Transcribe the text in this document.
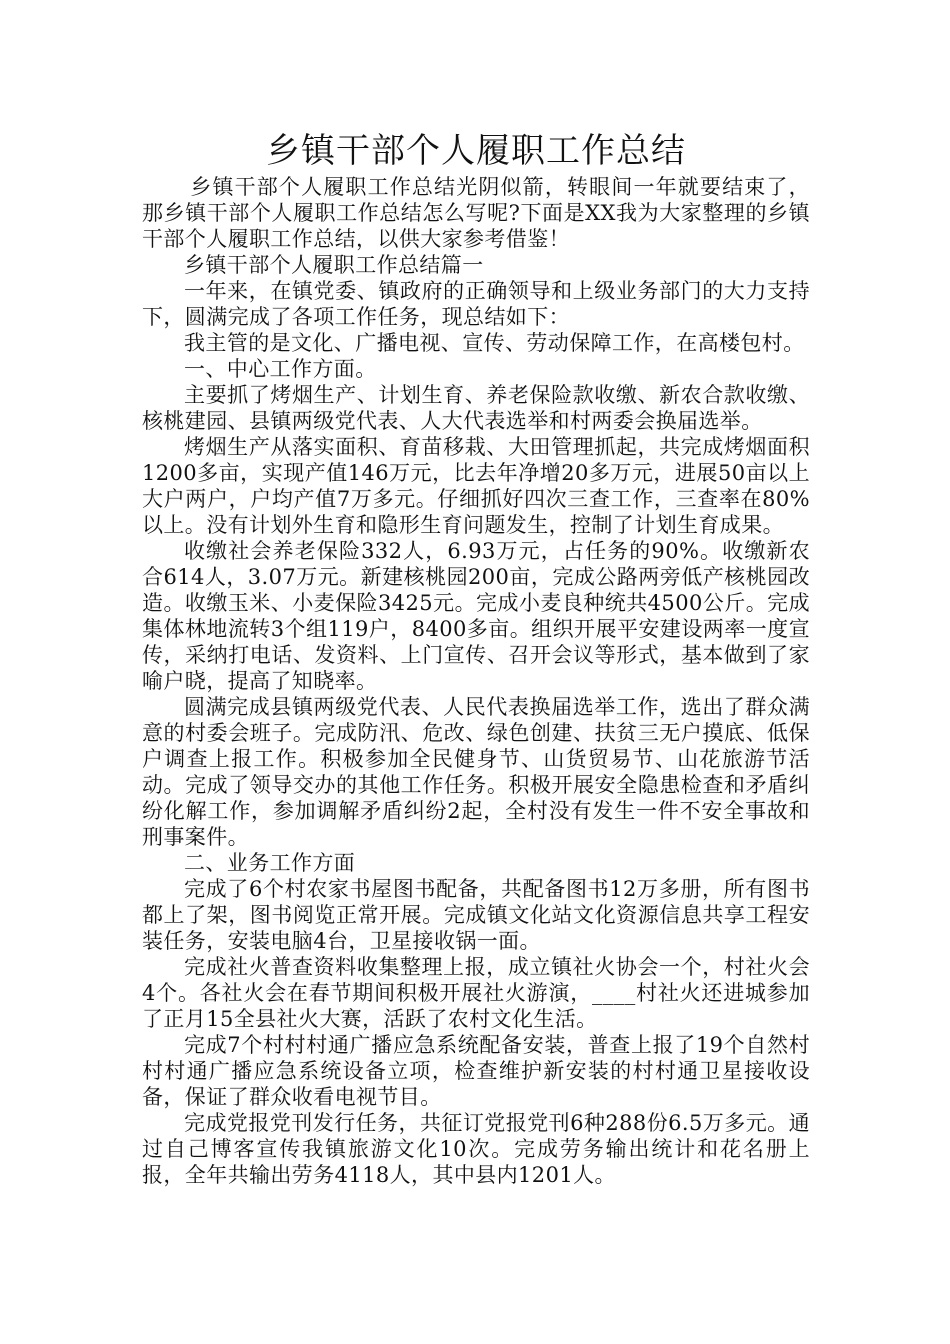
乡镇干部个人履职工作总结

乡镇干部个人履职工作总结光阴似箭，转眼间一年就要结束了，那乡镇干部个人履职工作总结怎么写呢?下面是XX我为大家整理的乡镇干部个人履职工作总结，以供大家参考借鉴！

乡镇干部个人履职工作总结篇一

一年来，在镇党委、镇政府的正确领导和上级业务部门的大力支持下，圆满完成了各项工作任务，现总结如下：

我主管的是文化、广播电视、宣传、劳动保障工作，在高楼包村。

一、中心工作方面。

主要抓了烤烟生产、计划生育、养老保险款收缴、新农合款收缴、核桃建园、县镇两级党代表、人大代表选举和村两委会换届选举。

烤烟生产从落实面积、育苗移栽、大田管理抓起，共完成烤烟面积1200多亩，实现产值146万元，比去年净增20多万元，进展50亩以上大户两户，户均产值7万多元。仔细抓好四次三查工作，三查率在80%以上。没有计划外生育和隐形生育问题发生，控制了计划生育成果。

收缴社会养老保险332人，6.93万元，占任务的90%。收缴新农合614人，3.07万元。新建核桃园200亩，完成公路两旁低产核桃园改造。收缴玉米、小麦保险3425元。完成小麦良种统共4500公斤。完成集体林地流转3个组119户，8400多亩。组织开展平安建设两率一度宣传，采纳打电话、发资料、上门宣传、召开会议等形式，基本做到了家喻户晓，提高了知晓率。

圆满完成县镇两级党代表、人民代表换届选举工作，选出了群众满意的村委会班子。完成防汛、危改、绿色创建、扶贫三无户摸底、低保户调查上报工作。积极参加全民健身节、山货贸易节、山花旅游节活动。完成了领导交办的其他工作任务。积极开展安全隐患检查和矛盾纠纷化解工作，参加调解矛盾纠纷2起，全村没有发生一件不安全事故和刑事案件。

二、业务工作方面

完成了6个村农家书屋图书配备，共配备图书12万多册，所有图书都上了架，图书阅览正常开展。完成镇文化站文化资源信息共享工程安装任务，安装电脑4台，卫星接收锅一面。

完成社火普查资料收集整理上报，成立镇社火协会一个，村社火会4个。各社火会在春节期间积极开展社火游演，____村社火还进城参加了正月15全县社火大赛，活跃了农村文化生活。

完成7个村村村通广播应急系统配备安装，普查上报了19个自然村村村通广播应急系统设备立项，检查维护新安装的村村通卫星接收设备，保证了群众收看电视节目。

完成党报党刊发行任务，共征订党报党刊6种288份6.5万多元。通过自己博客宣传我镇旅游文化10次。完成劳务输出统计和花名册上报，全年共输出劳务4118人，其中县内1201人。
